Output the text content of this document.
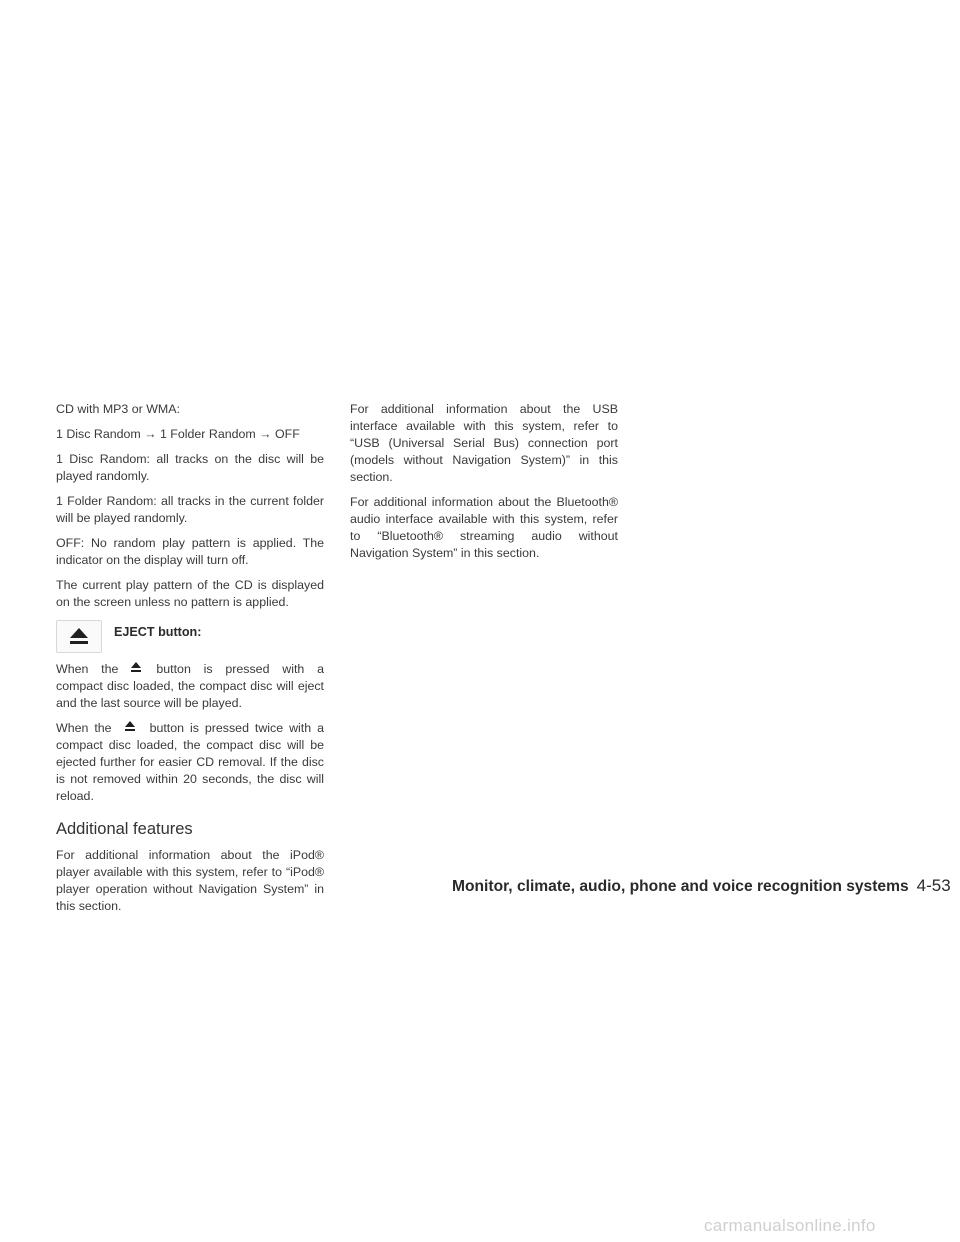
CD with MP3 or WMA:

1 Disc Random → 1 Folder Random → OFF

1 Disc Random: all tracks on the disc will be played randomly.

1 Folder Random: all tracks in the current folder will be played randomly.

OFF: No random play pattern is applied. The indicator on the display will turn off.

The current play pattern of the CD is displayed on the screen unless no pattern is applied.

EJECT button:

When the	button is pressed with a compact disc loaded, the compact disc will eject and the last source will be played.

When the	button is pressed twice with a compact disc loaded, the compact disc will be ejected further for easier CD removal. If the disc is not removed within 20 seconds, the disc will reload.

Additional features

For additional information about the iPod® player available with this system, refer to “iPod® player operation without Navigation System” in this section.

For additional information about the USB interface available with this system, refer to “USB (Universal Serial Bus) connection port (models without Navigation System)” in this section.

For additional information about the Bluetooth® audio interface available with this system, refer to “Bluetooth® streaming audio without Navigation System” in this section.

Monitor, climate, audio, phone and voice recognition systems 4-53
carmanualsonline.info
